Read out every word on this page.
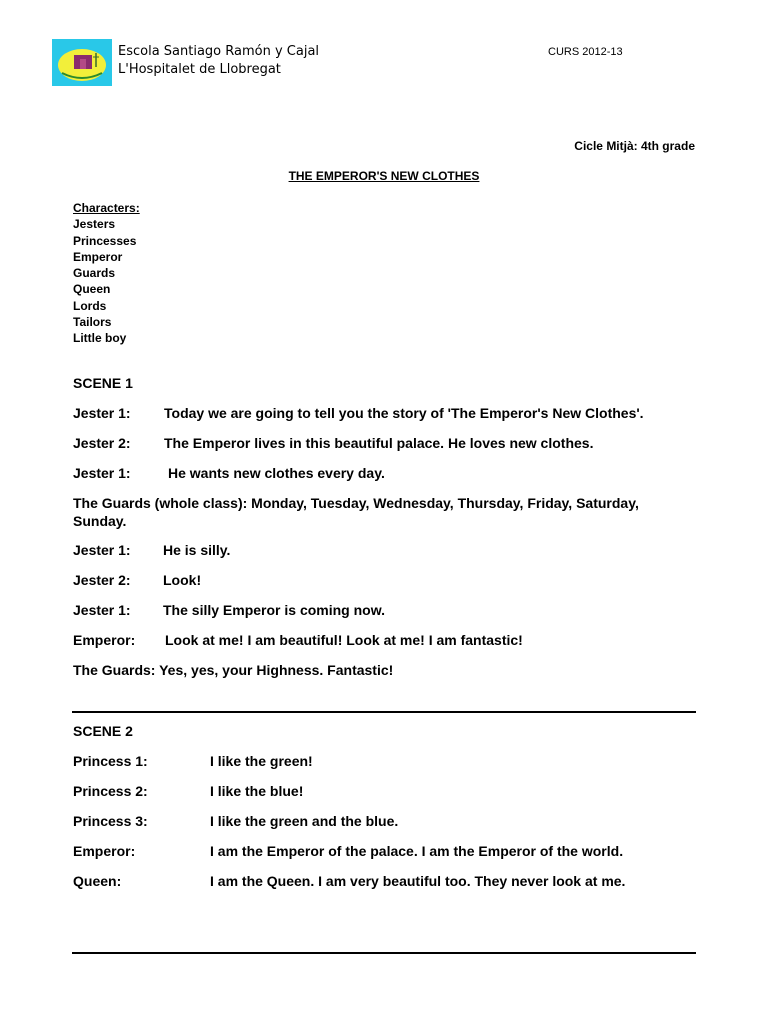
Escola Santiago Ramón y Cajal
L'Hospitalet de Llobregat
CURS 2012-13
Cicle Mitjà: 4th grade
THE EMPEROR'S NEW CLOTHES
Characters:
Jesters
Princesses
Emperor
Guards
Queen
Lords
Tailors
Little boy
SCENE 1
Jester 1: Today we are going to tell you the story of 'The Emperor's New Clothes'.
Jester 2: The Emperor lives in this beautiful palace. He loves new clothes.
Jester 1:	He wants new clothes every day.
The Guards (whole class): Monday, Tuesday, Wednesday, Thursday, Friday, Saturday, Sunday.
Jester 1: He is silly.
Jester 2: Look!
Jester 1: The silly Emperor is coming now.
Emperor: Look at me! I am beautiful! Look at me! I am fantastic!
The Guards: Yes, yes, your Highness. Fantastic!
SCENE 2
Princess 1:	I like the green!
Princess 2:	I like the blue!
Princess 3:	I like the green and the blue.
Emperor:	I am the Emperor of the palace. I am the Emperor of the world.
Queen:	I am the Queen. I am very beautiful too. They never look at me.
